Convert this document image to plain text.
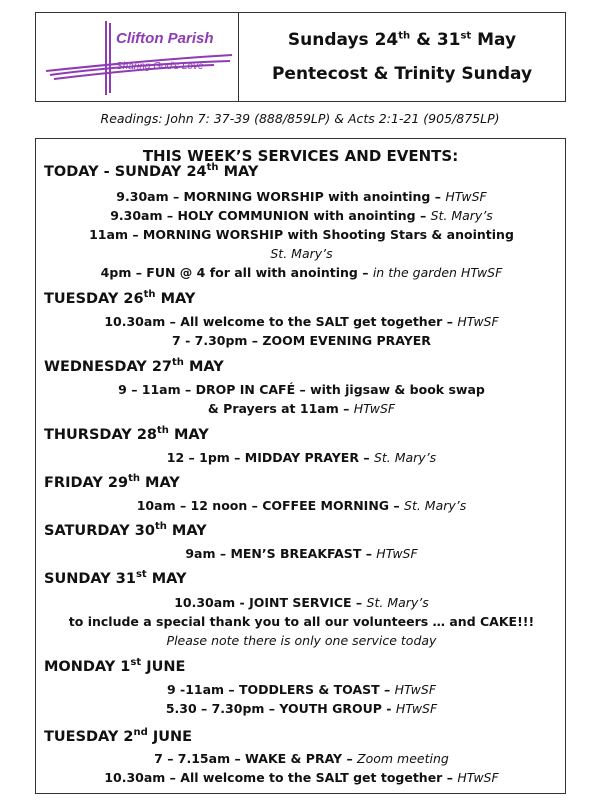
Clifton Parish
Sharing God's Love
Sundays 24th & 31st May
Pentecost & Trinity Sunday
Readings: John 7: 37-39 (888/859LP) & Acts 2:1-21 (905/875LP)
THIS WEEK’S SERVICES AND EVENTS:
TODAY - SUNDAY 24th MAY
9.30am – MORNING WORSHIP with anointing – HTwSF
9.30am – HOLY COMMUNION with anointing – St. Mary’s
11am – MORNING WORSHIP with Shooting Stars & anointing
St. Mary’s
4pm – FUN @ 4 for all with anointing – in the garden HTwSF
TUESDAY 26th MAY
10.30am – All welcome to the SALT get together – HTwSF
7 - 7.30pm – ZOOM EVENING PRAYER
WEDNESDAY 27th MAY
9 – 11am – DROP IN CAFÉ – with jigsaw & book swap
& Prayers at 11am – HTwSF
THURSDAY 28th MAY
12 – 1pm – MIDDAY PRAYER – St. Mary’s
FRIDAY 29th MAY
10am – 12 noon – COFFEE MORNING – St. Mary’s
SATURDAY 30th MAY
9am – MEN’S BREAKFAST – HTwSF
SUNDAY 31st MAY
10.30am - JOINT SERVICE – St. Mary’s
to include a special thank you to all our volunteers … and CAKE!!!
Please note there is only one service today
MONDAY 1st JUNE
9 -11am – TODDLERS & TOAST – HTwSF
5.30 – 7.30pm – YOUTH GROUP - HTwSF
TUESDAY 2nd JUNE
7 – 7.15am – WAKE & PRAY – Zoom meeting
10.30am – All welcome to the SALT get together – HTwSF
